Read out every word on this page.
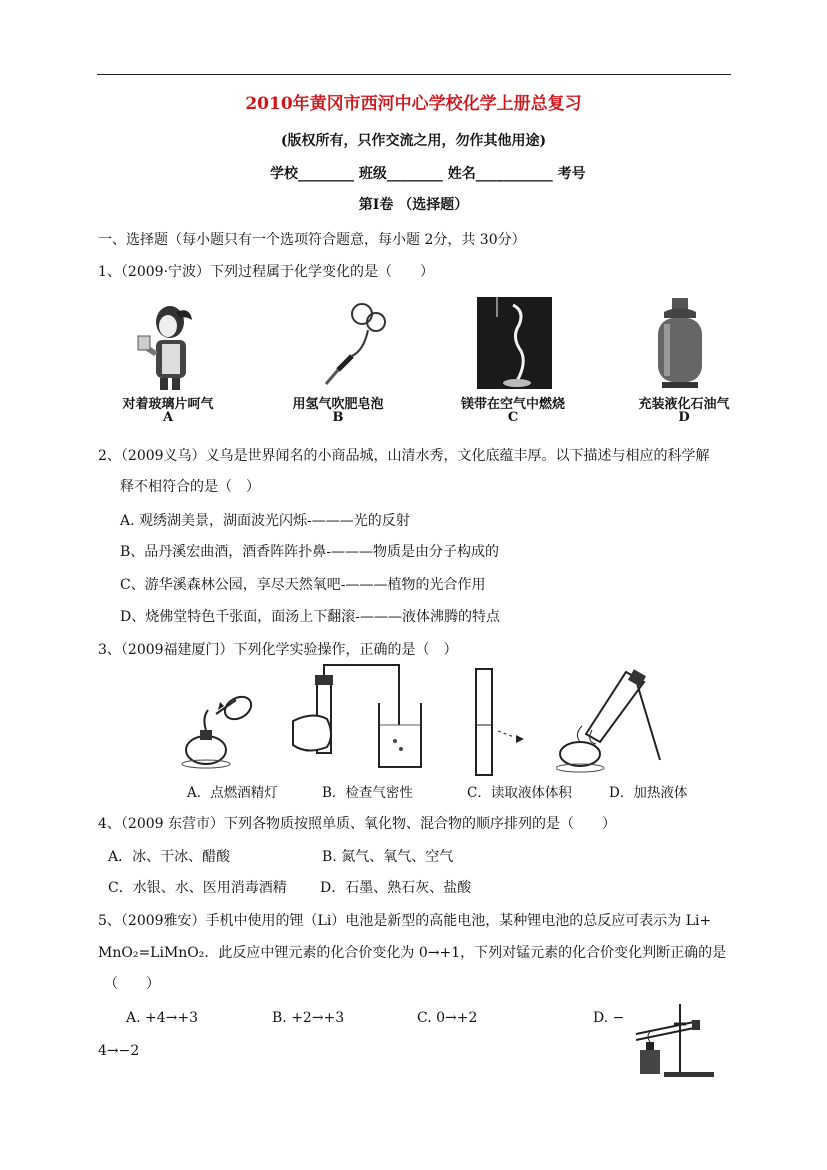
2010年黄冈市西河中心学校化学上册总复习
(版权所有，只作交流之用，勿作其他用途)
学校________ 班级________ 姓名___________ 考号
第Ⅰ卷 （选择题）
一、选择题（每小题只有一个选项符合题意，每小题 2分，共 30分）
1、（2009·宁波）下列过程属于化学变化的是（　　）
对着玻璃片呵气
A
用氢气吹肥皂泡
B
镁带在空气中燃烧
C
充装液化石油气
D
2、（2009义乌）义乌是世界闻名的小商品城，山清水秀，文化底蕴丰厚。以下描述与相应的科学解
释不相符合的是（　）
A. 观绣湖美景，湖面波光闪烁-———光的反射
B、品丹溪宏曲酒，酒香阵阵扑鼻-———物质是由分子构成的
C、游华溪森林公园，享尽天然氧吧-———植物的光合作用
D、烧佛堂特色千张面，面汤上下翻滚-———液体沸腾的特点
3、（2009福建厦门）下列化学实验操作，正确的是（　）
A．点燃酒精灯	B．检查气密性	C．读取液体体积	D．加热液体
4、（2009 东营市）下列各物质按照单质、氧化物、混合物的顺序排列的是（　　）
A．冰、干冰、醋酸	B. 氮气、氧气、空气
C．水银、水、医用消毒酒精 D．石墨、熟石灰、盐酸
5、（2009雅安）手机中使用的锂（Li）电池是新型的高能电池，某种锂电池的总反应可表示为 Li+
MnO₂=LiMnO₂．此反应中锂元素的化合价变化为 0→+1，下列对锰元素的化合价变化判断正确的是
（　　）
A. +4→+3	B. +2→+3	C. 0→+2	D. −
4→−2
